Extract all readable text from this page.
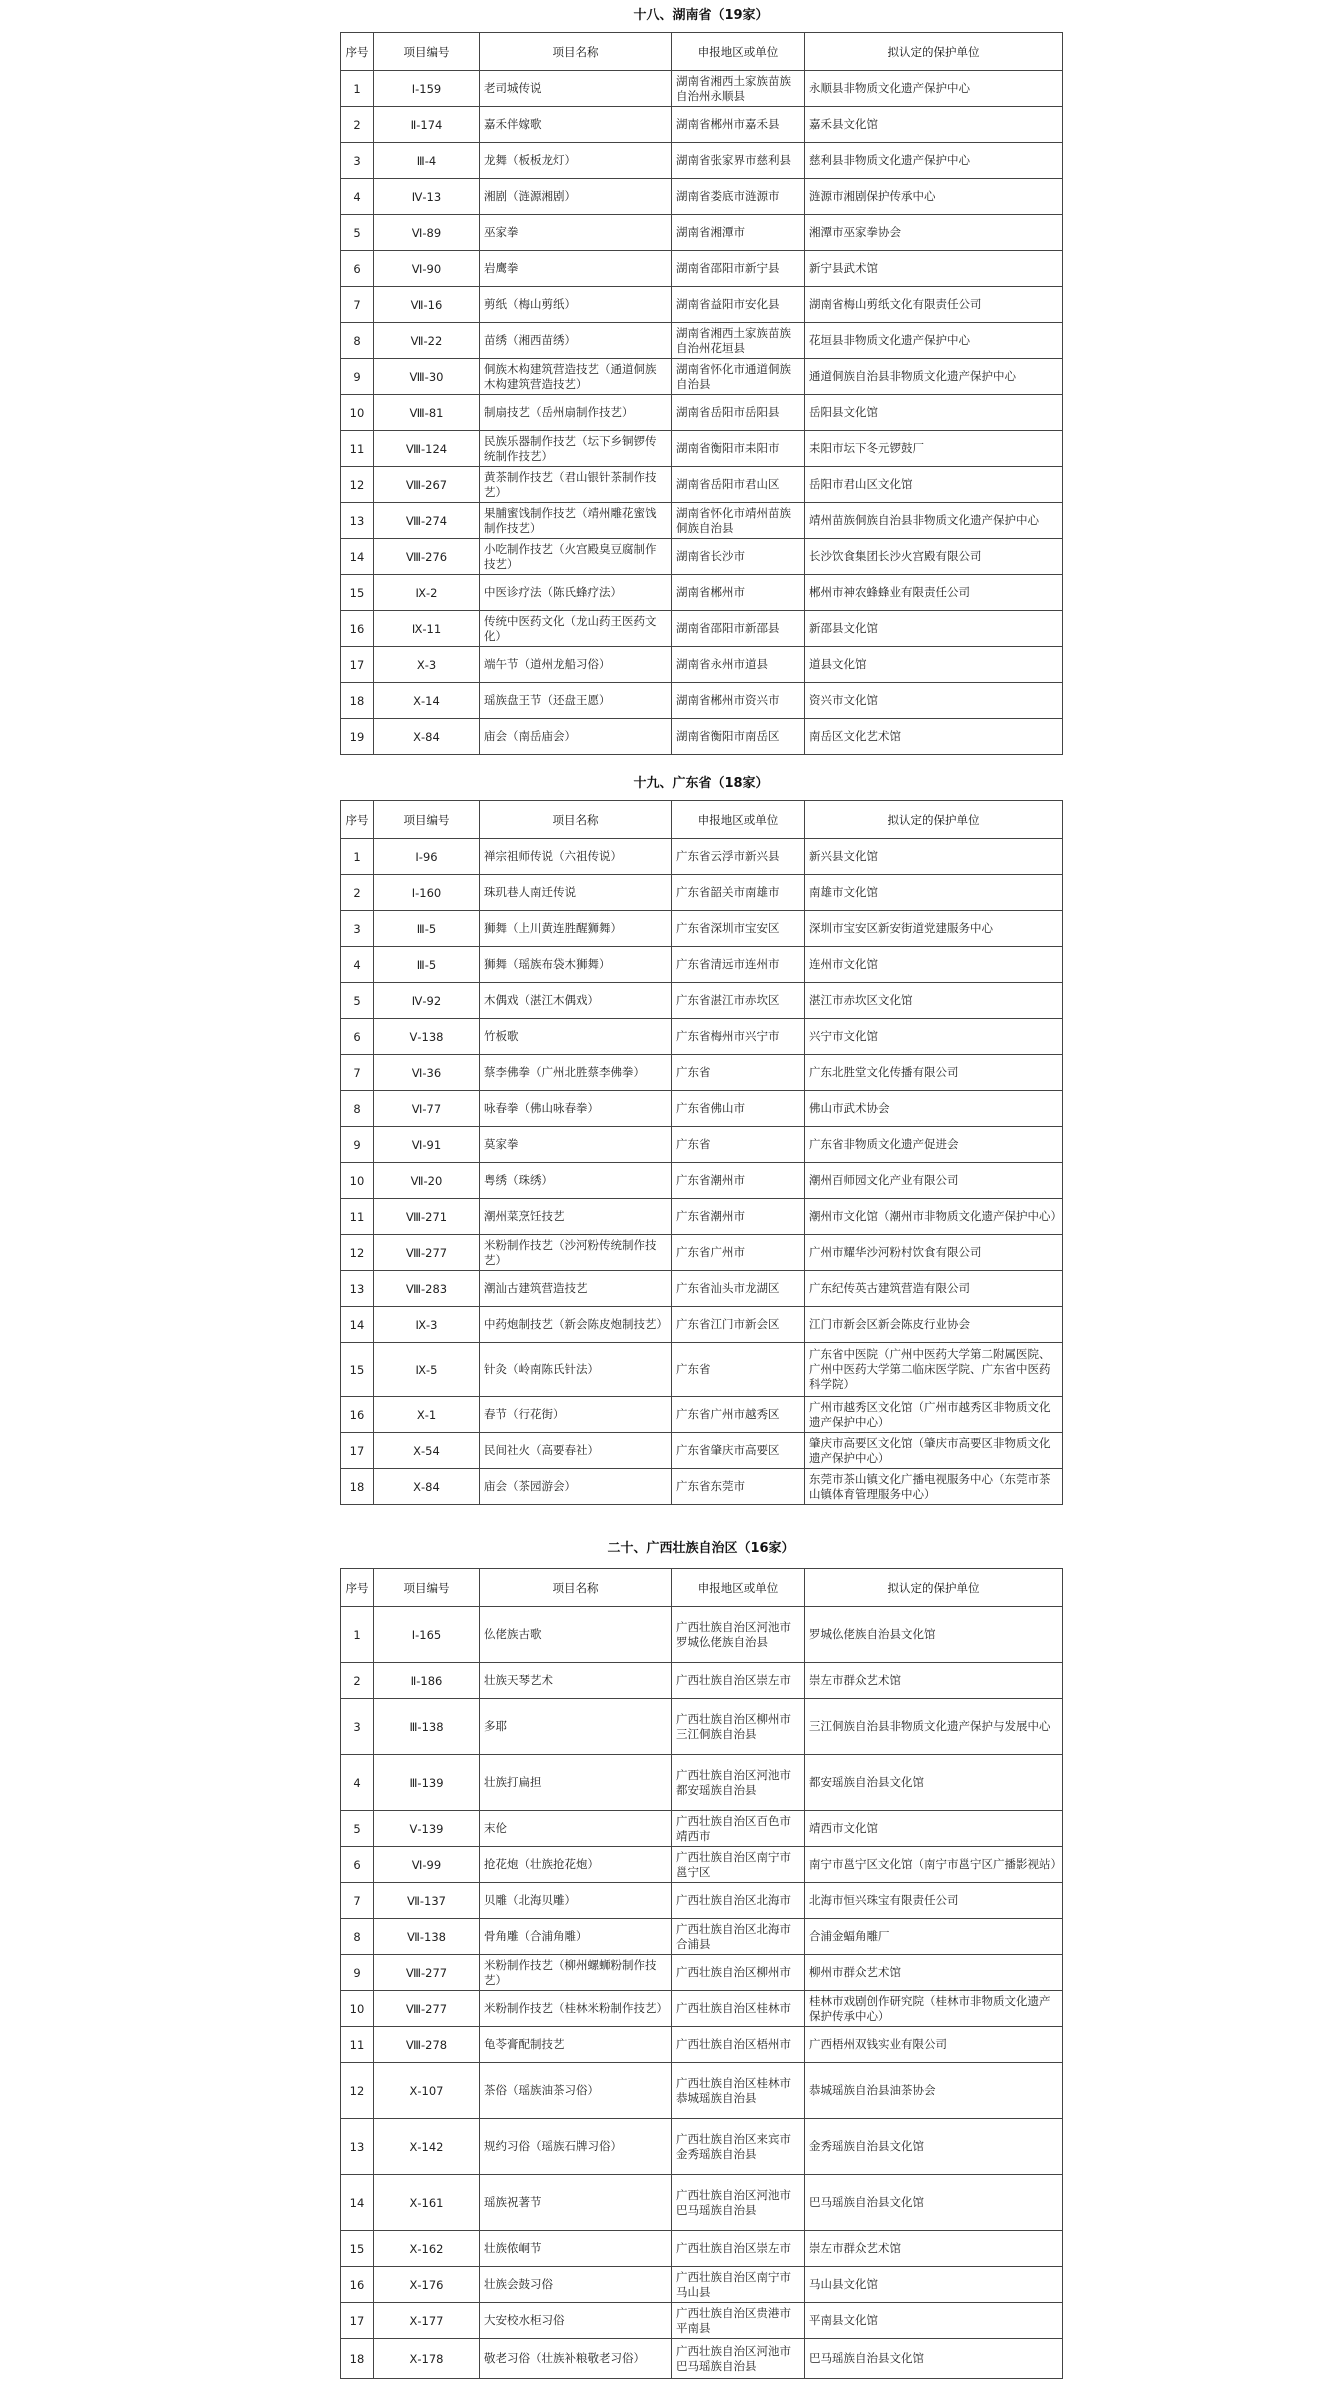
十八、湖南省（19家）
序号	项目编号	项目名称	申报地区或单位	拟认定的保护单位
1	Ⅰ-159	老司城传说	湖南省湘西土家族苗族自治州永顺县	永顺县非物质文化遗产保护中心
2	Ⅱ-174	嘉禾伴嫁歌	湖南省郴州市嘉禾县	嘉禾县文化馆
3	Ⅲ-4	龙舞（板板龙灯）	湖南省张家界市慈利县	慈利县非物质文化遗产保护中心
4	Ⅳ-13	湘剧（涟源湘剧）	湖南省娄底市涟源市	涟源市湘剧保护传承中心
5	Ⅵ-89	巫家拳	湖南省湘潭市	湘潭市巫家拳协会
6	Ⅵ-90	岩鹰拳	湖南省邵阳市新宁县	新宁县武术馆
7	Ⅶ-16	剪纸（梅山剪纸）	湖南省益阳市安化县	湖南省梅山剪纸文化有限责任公司
8	Ⅶ-22	苗绣（湘西苗绣）	湖南省湘西土家族苗族自治州花垣县	花垣县非物质文化遗产保护中心
9	Ⅷ-30	侗族木构建筑营造技艺（通道侗族木构建筑营造技艺）	湖南省怀化市通道侗族自治县	通道侗族自治县非物质文化遗产保护中心
10	Ⅷ-81	制扇技艺（岳州扇制作技艺）	湖南省岳阳市岳阳县	岳阳县文化馆
11	Ⅷ-124	民族乐器制作技艺（坛下乡铜锣传统制作技艺）	湖南省衡阳市耒阳市	耒阳市坛下冬元锣鼓厂
12	Ⅷ-267	黄茶制作技艺（君山银针茶制作技艺）	湖南省岳阳市君山区	岳阳市君山区文化馆
13	Ⅷ-274	果脯蜜饯制作技艺（靖州雕花蜜饯制作技艺）	湖南省怀化市靖州苗族侗族自治县	靖州苗族侗族自治县非物质文化遗产保护中心
14	Ⅷ-276	小吃制作技艺（火宫殿臭豆腐制作技艺）	湖南省长沙市	长沙饮食集团长沙火宫殿有限公司
15	Ⅸ-2	中医诊疗法（陈氏蜂疗法）	湖南省郴州市	郴州市神农蜂蜂业有限责任公司
16	Ⅸ-11	传统中医药文化（龙山药王医药文化）	湖南省邵阳市新邵县	新邵县文化馆
17	Ⅹ-3	端午节（道州龙船习俗）	湖南省永州市道县	道县文化馆
18	Ⅹ-14	瑶族盘王节（还盘王愿）	湖南省郴州市资兴市	资兴市文化馆
19	Ⅹ-84	庙会（南岳庙会）	湖南省衡阳市南岳区	南岳区文化艺术馆
十九、广东省（18家）
序号	项目编号	项目名称	申报地区或单位	拟认定的保护单位
1	Ⅰ-96	禅宗祖师传说（六祖传说）	广东省云浮市新兴县	新兴县文化馆
2	Ⅰ-160	珠玑巷人南迁传说	广东省韶关市南雄市	南雄市文化馆
3	Ⅲ-5	狮舞（上川黄连胜醒狮舞）	广东省深圳市宝安区	深圳市宝安区新安街道党建服务中心
4	Ⅲ-5	狮舞（瑶族布袋木狮舞）	广东省清远市连州市	连州市文化馆
5	Ⅳ-92	木偶戏（湛江木偶戏）	广东省湛江市赤坎区	湛江市赤坎区文化馆
6	Ⅴ-138	竹板歌	广东省梅州市兴宁市	兴宁市文化馆
7	Ⅵ-36	蔡李佛拳（广州北胜蔡李佛拳）	广东省	广东北胜堂文化传播有限公司
8	Ⅵ-77	咏春拳（佛山咏春拳）	广东省佛山市	佛山市武术协会
9	Ⅵ-91	莫家拳	广东省	广东省非物质文化遗产促进会
10	Ⅶ-20	粤绣（珠绣）	广东省潮州市	潮州百师园文化产业有限公司
11	Ⅷ-271	潮州菜烹饪技艺	广东省潮州市	潮州市文化馆（潮州市非物质文化遗产保护中心）
12	Ⅷ-277	米粉制作技艺（沙河粉传统制作技艺）	广东省广州市	广州市耀华沙河粉村饮食有限公司
13	Ⅷ-283	潮汕古建筑营造技艺	广东省汕头市龙湖区	广东纪传英古建筑营造有限公司
14	Ⅸ-3	中药炮制技艺（新会陈皮炮制技艺）	广东省江门市新会区	江门市新会区新会陈皮行业协会
15	Ⅸ-5	针灸（岭南陈氏针法）	广东省	广东省中医院（广州中医药大学第二附属医院、广州中医药大学第二临床医学院、广东省中医药科学院）
16	Ⅹ-1	春节（行花街）	广东省广州市越秀区	广州市越秀区文化馆（广州市越秀区非物质文化遗产保护中心）
17	Ⅹ-54	民间社火（高要春社）	广东省肇庆市高要区	肇庆市高要区文化馆（肇庆市高要区非物质文化遗产保护中心）
18	Ⅹ-84	庙会（茶园游会）	广东省东莞市	东莞市茶山镇文化广播电视服务中心（东莞市茶山镇体育管理服务中心）
二十、广西壮族自治区（16家）
序号	项目编号	项目名称	申报地区或单位	拟认定的保护单位
1	Ⅰ-165	仫佬族古歌	广西壮族自治区河池市罗城仫佬族自治县	罗城仫佬族自治县文化馆
2	Ⅱ-186	壮族天琴艺术	广西壮族自治区崇左市	崇左市群众艺术馆
3	Ⅲ-138	多耶	广西壮族自治区柳州市三江侗族自治县	三江侗族自治县非物质文化遗产保护与发展中心
4	Ⅲ-139	壮族打扁担	广西壮族自治区河池市都安瑶族自治县	都安瑶族自治县文化馆
5	Ⅴ-139	末伦	广西壮族自治区百色市靖西市	靖西市文化馆
6	Ⅵ-99	抢花炮（壮族抢花炮）	广西壮族自治区南宁市邕宁区	南宁市邕宁区文化馆（南宁市邕宁区广播影视站）
7	Ⅶ-137	贝雕（北海贝雕）	广西壮族自治区北海市	北海市恒兴珠宝有限责任公司
8	Ⅶ-138	骨角雕（合浦角雕）	广西壮族自治区北海市合浦县	合浦金蝠角雕厂
9	Ⅷ-277	米粉制作技艺（柳州螺蛳粉制作技艺）	广西壮族自治区柳州市	柳州市群众艺术馆
10	Ⅷ-277	米粉制作技艺（桂林米粉制作技艺）	广西壮族自治区桂林市	桂林市戏剧创作研究院（桂林市非物质文化遗产保护传承中心）
11	Ⅷ-278	龟苓膏配制技艺	广西壮族自治区梧州市	广西梧州双钱实业有限公司
12	Ⅹ-107	茶俗（瑶族油茶习俗）	广西壮族自治区桂林市恭城瑶族自治县	恭城瑶族自治县油茶协会
13	Ⅹ-142	规约习俗（瑶族石牌习俗）	广西壮族自治区来宾市金秀瑶族自治县	金秀瑶族自治县文化馆
14	Ⅹ-161	瑶族祝著节	广西壮族自治区河池市巴马瑶族自治县	巴马瑶族自治县文化馆
15	Ⅹ-162	壮族侬峒节	广西壮族自治区崇左市	崇左市群众艺术馆
16	Ⅹ-176	壮族会鼓习俗	广西壮族自治区南宁市马山县	马山县文化馆
17	Ⅹ-177	大安校水柜习俗	广西壮族自治区贵港市平南县	平南县文化馆
18	Ⅹ-178	敬老习俗（壮族补粮敬老习俗）	广西壮族自治区河池市巴马瑶族自治县	巴马瑶族自治县文化馆
